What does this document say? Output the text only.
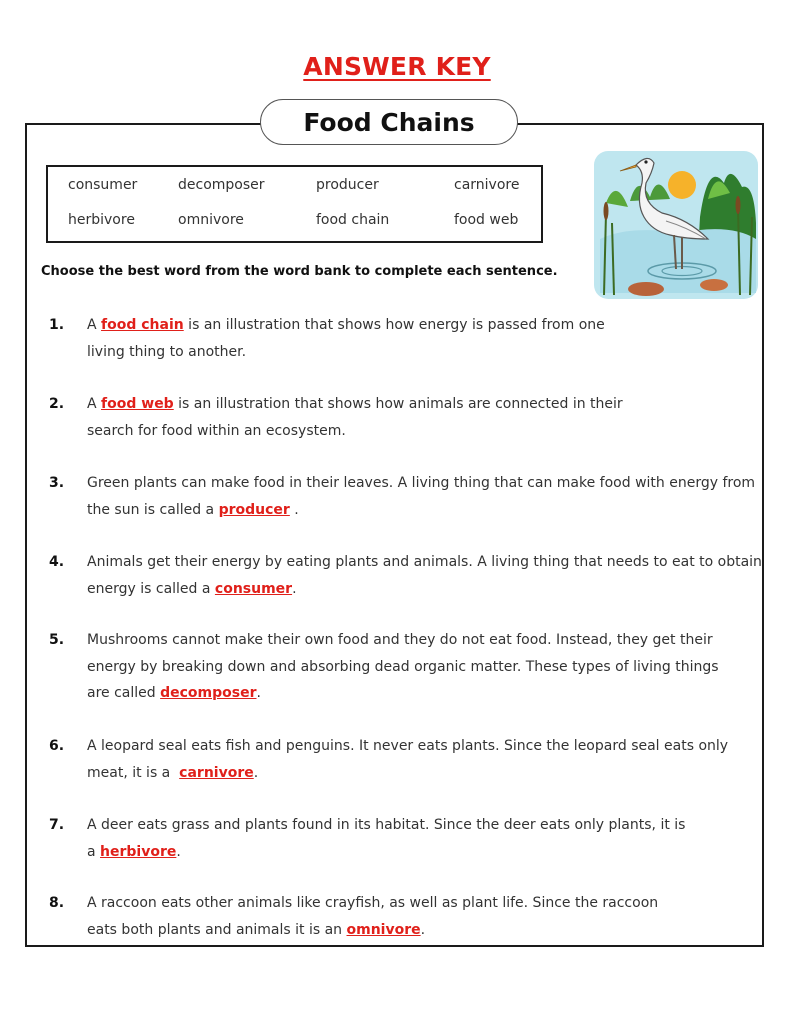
ANSWER KEY
Food Chains
consumer	decomposer	producer	carnivore
herbivore	omnivore	food chain	food web
Choose the best word from the word bank to complete each sentence.
1. A food chain is an illustration that shows how energy is passed from one
living thing to another.
2. A food web is an illustration that shows how animals are connected in their
search for food within an ecosystem.
3. Green plants can make food in their leaves. A living thing that can make food with energy from
the sun is called a producer .
4. Animals get their energy by eating plants and animals. A living thing that needs to eat to obtain
energy is called a consumer.
5. Mushrooms cannot make their own food and they do not eat food. Instead, they get their
energy by breaking down and absorbing dead organic matter. These types of living things
are called decomposer.
6. A leopard seal eats fish and penguins. It never eats plants. Since the leopard seal eats only
meat, it is a  carnivore.
7. A deer eats grass and plants found in its habitat. Since the deer eats only plants, it is
a herbivore.
8. A raccoon eats other animals like crayfish, as well as plant life. Since the raccoon
eats both plants and animals it is an omnivore.
